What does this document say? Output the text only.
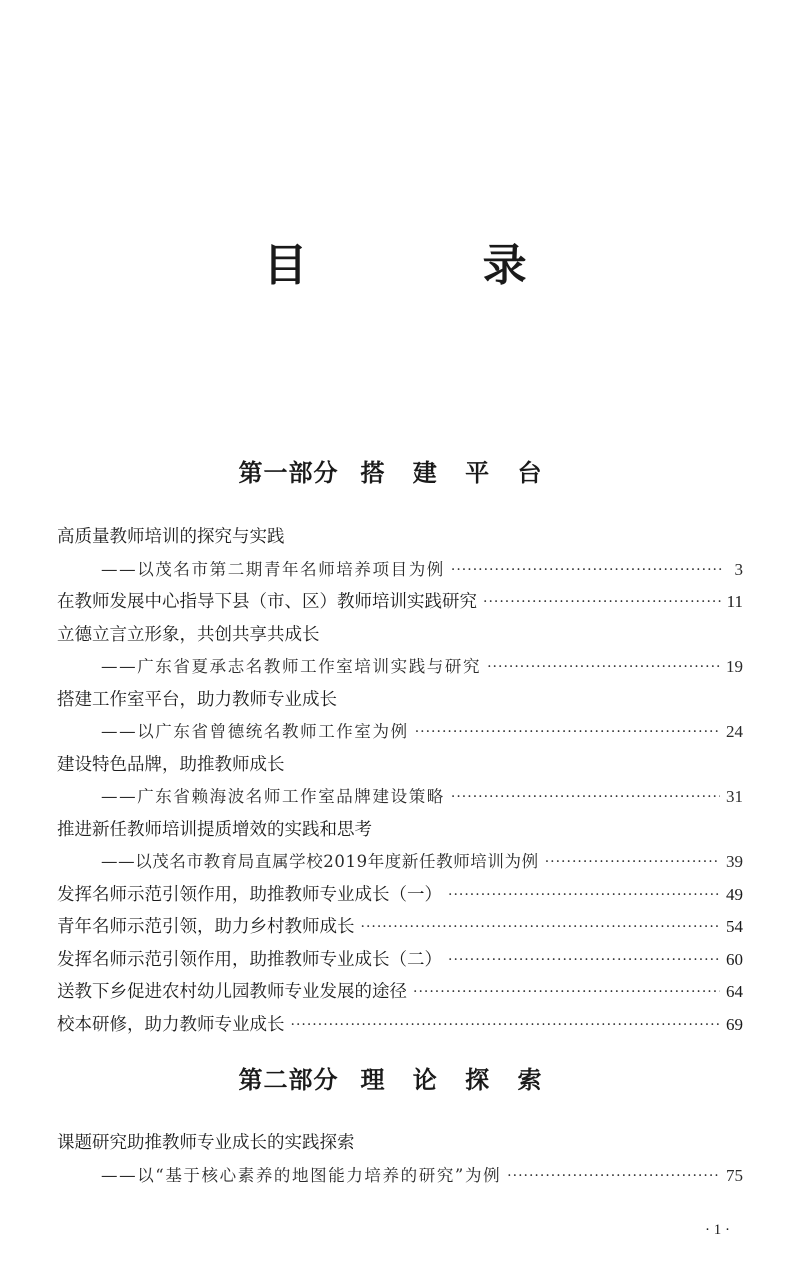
目 录
第一部分 搭 建 平 台
高质量教师培训的探究与实践
——以茂名市第二期青年名师培养项目为例 ·····	3
在教师发展中心指导下县（市、区）教师培训实践研究 ·····	11
立德立言立形象，共创共享共成长
——广东省夏承志名教师工作室培训实践与研究 ·····	19
搭建工作室平台，助力教师专业成长
——以广东省曾德统名教师工作室为例 ·····	24
建设特色品牌，助推教师成长
——广东省赖海波名师工作室品牌建设策略 ·····	31
推进新任教师培训提质增效的实践和思考
——以茂名市教育局直属学校2019年度新任教师培训为例 ·····	39
发挥名师示范引领作用，助推教师专业成长（一） ·····	49
青年名师示范引领，助力乡村教师成长 ·····	54
发挥名师示范引领作用，助推教师专业成长（二） ·····	60
送教下乡促进农村幼儿园教师专业发展的途径 ·····	64
校本研修，助力教师专业成长 ·····	69
第二部分 理 论 探 索
课题研究助推教师专业成长的实践探索
——以“基于核心素养的地图能力培养的研究”为例 ·····	75
· 1 ·
